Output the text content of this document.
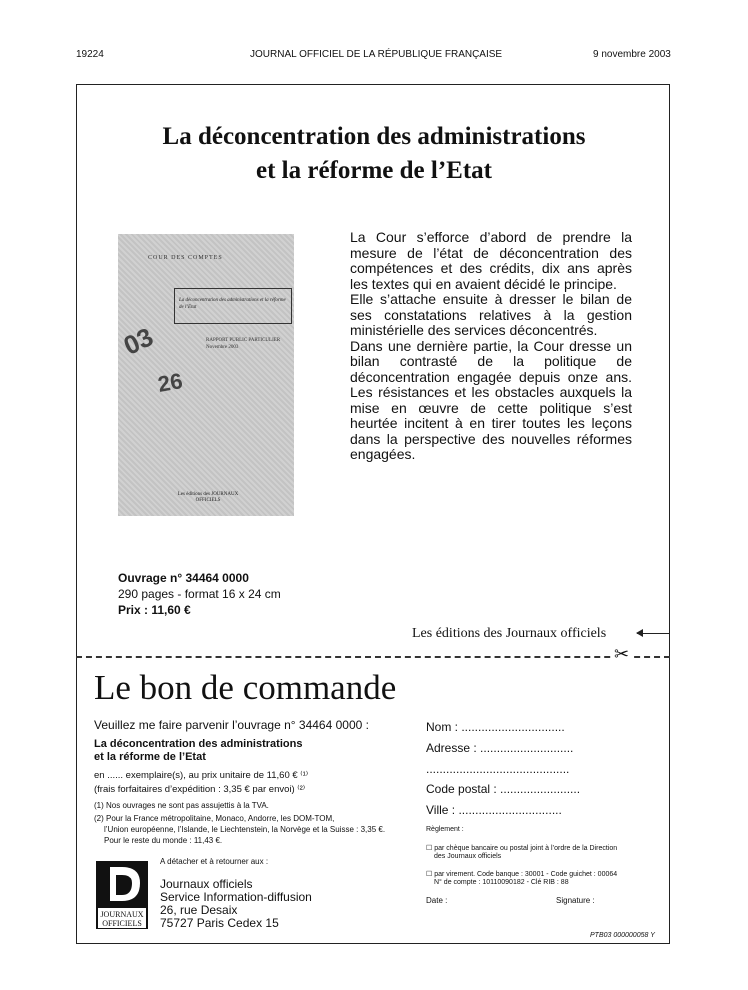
19224	JOURNAL OFFICIEL DE LA RÉPUBLIQUE FRANÇAISE	9 novembre 2003
La déconcentration des administrations
et la réforme de l’Etat
COUR DES COMPTES
La déconcentration des administrations et la réforme de l’Etat
RAPPORT PUBLIC PARTICULIER
Novembre 2003
03
26
Les éditions des JOURNAUX OFFICIELS
La Cour s’efforce d’abord de prendre la mesure de l’état de déconcentration des compétences et des crédits, dix ans après les textes qui en avaient décidé le principe.
Elle s’attache ensuite à dresser le bilan de ses constatations relatives à la gestion ministérielle des services déconcentrés.
Dans une dernière partie, la Cour dresse un bilan contrasté de la politique de déconcentration engagée depuis onze ans. Les résistances et les obstacles auxquels la mise en œuvre de cette politique s’est heurtée incitent à en tirer toutes les leçons dans la perspective des nouvelles réformes engagées.
Ouvrage n° 34464 0000
290 pages - format 16 x 24 cm
Prix : 11,60 €
Les éditions des Journaux officiels
✂
Le bon de commande
Veuillez me faire parvenir l’ouvrage n° 34464 0000 :
La déconcentration des administrations
et la réforme de l’Etat
en ...... exemplaire(s), au prix unitaire de 11,60 € ⁽¹⁾
(frais forfaitaires d’expédition : 3,35 € par envoi) ⁽²⁾
(1) Nos ouvrages ne sont pas assujettis à la TVA.
(2) Pour la France métropolitaine, Monaco, Andorre, les DOM-TOM,
l’Union européenne, l’Islande, le Liechtenstein, la Norvège et la Suisse : 3,35 €.
Pour le reste du monde : 11,43 €.
A détacher et à retourner aux :
JOURNAUX
OFFICIELS
Journaux officiels
Service Information-diffusion
26, rue Desaix
75727 Paris Cedex 15
Nom : ...............................
Adresse : ............................
...........................................
Code postal : ........................
Ville : ...............................
Règlement :
☐ par chèque bancaire ou postal joint à l’ordre de la Direction
des Journaux officiels
☐ par virement. Code banque : 30001 - Code guichet : 00064
N° de compte : 10110090182 - Clé RIB : 88
Date :	Signature :
PTB03 000000058 Y
